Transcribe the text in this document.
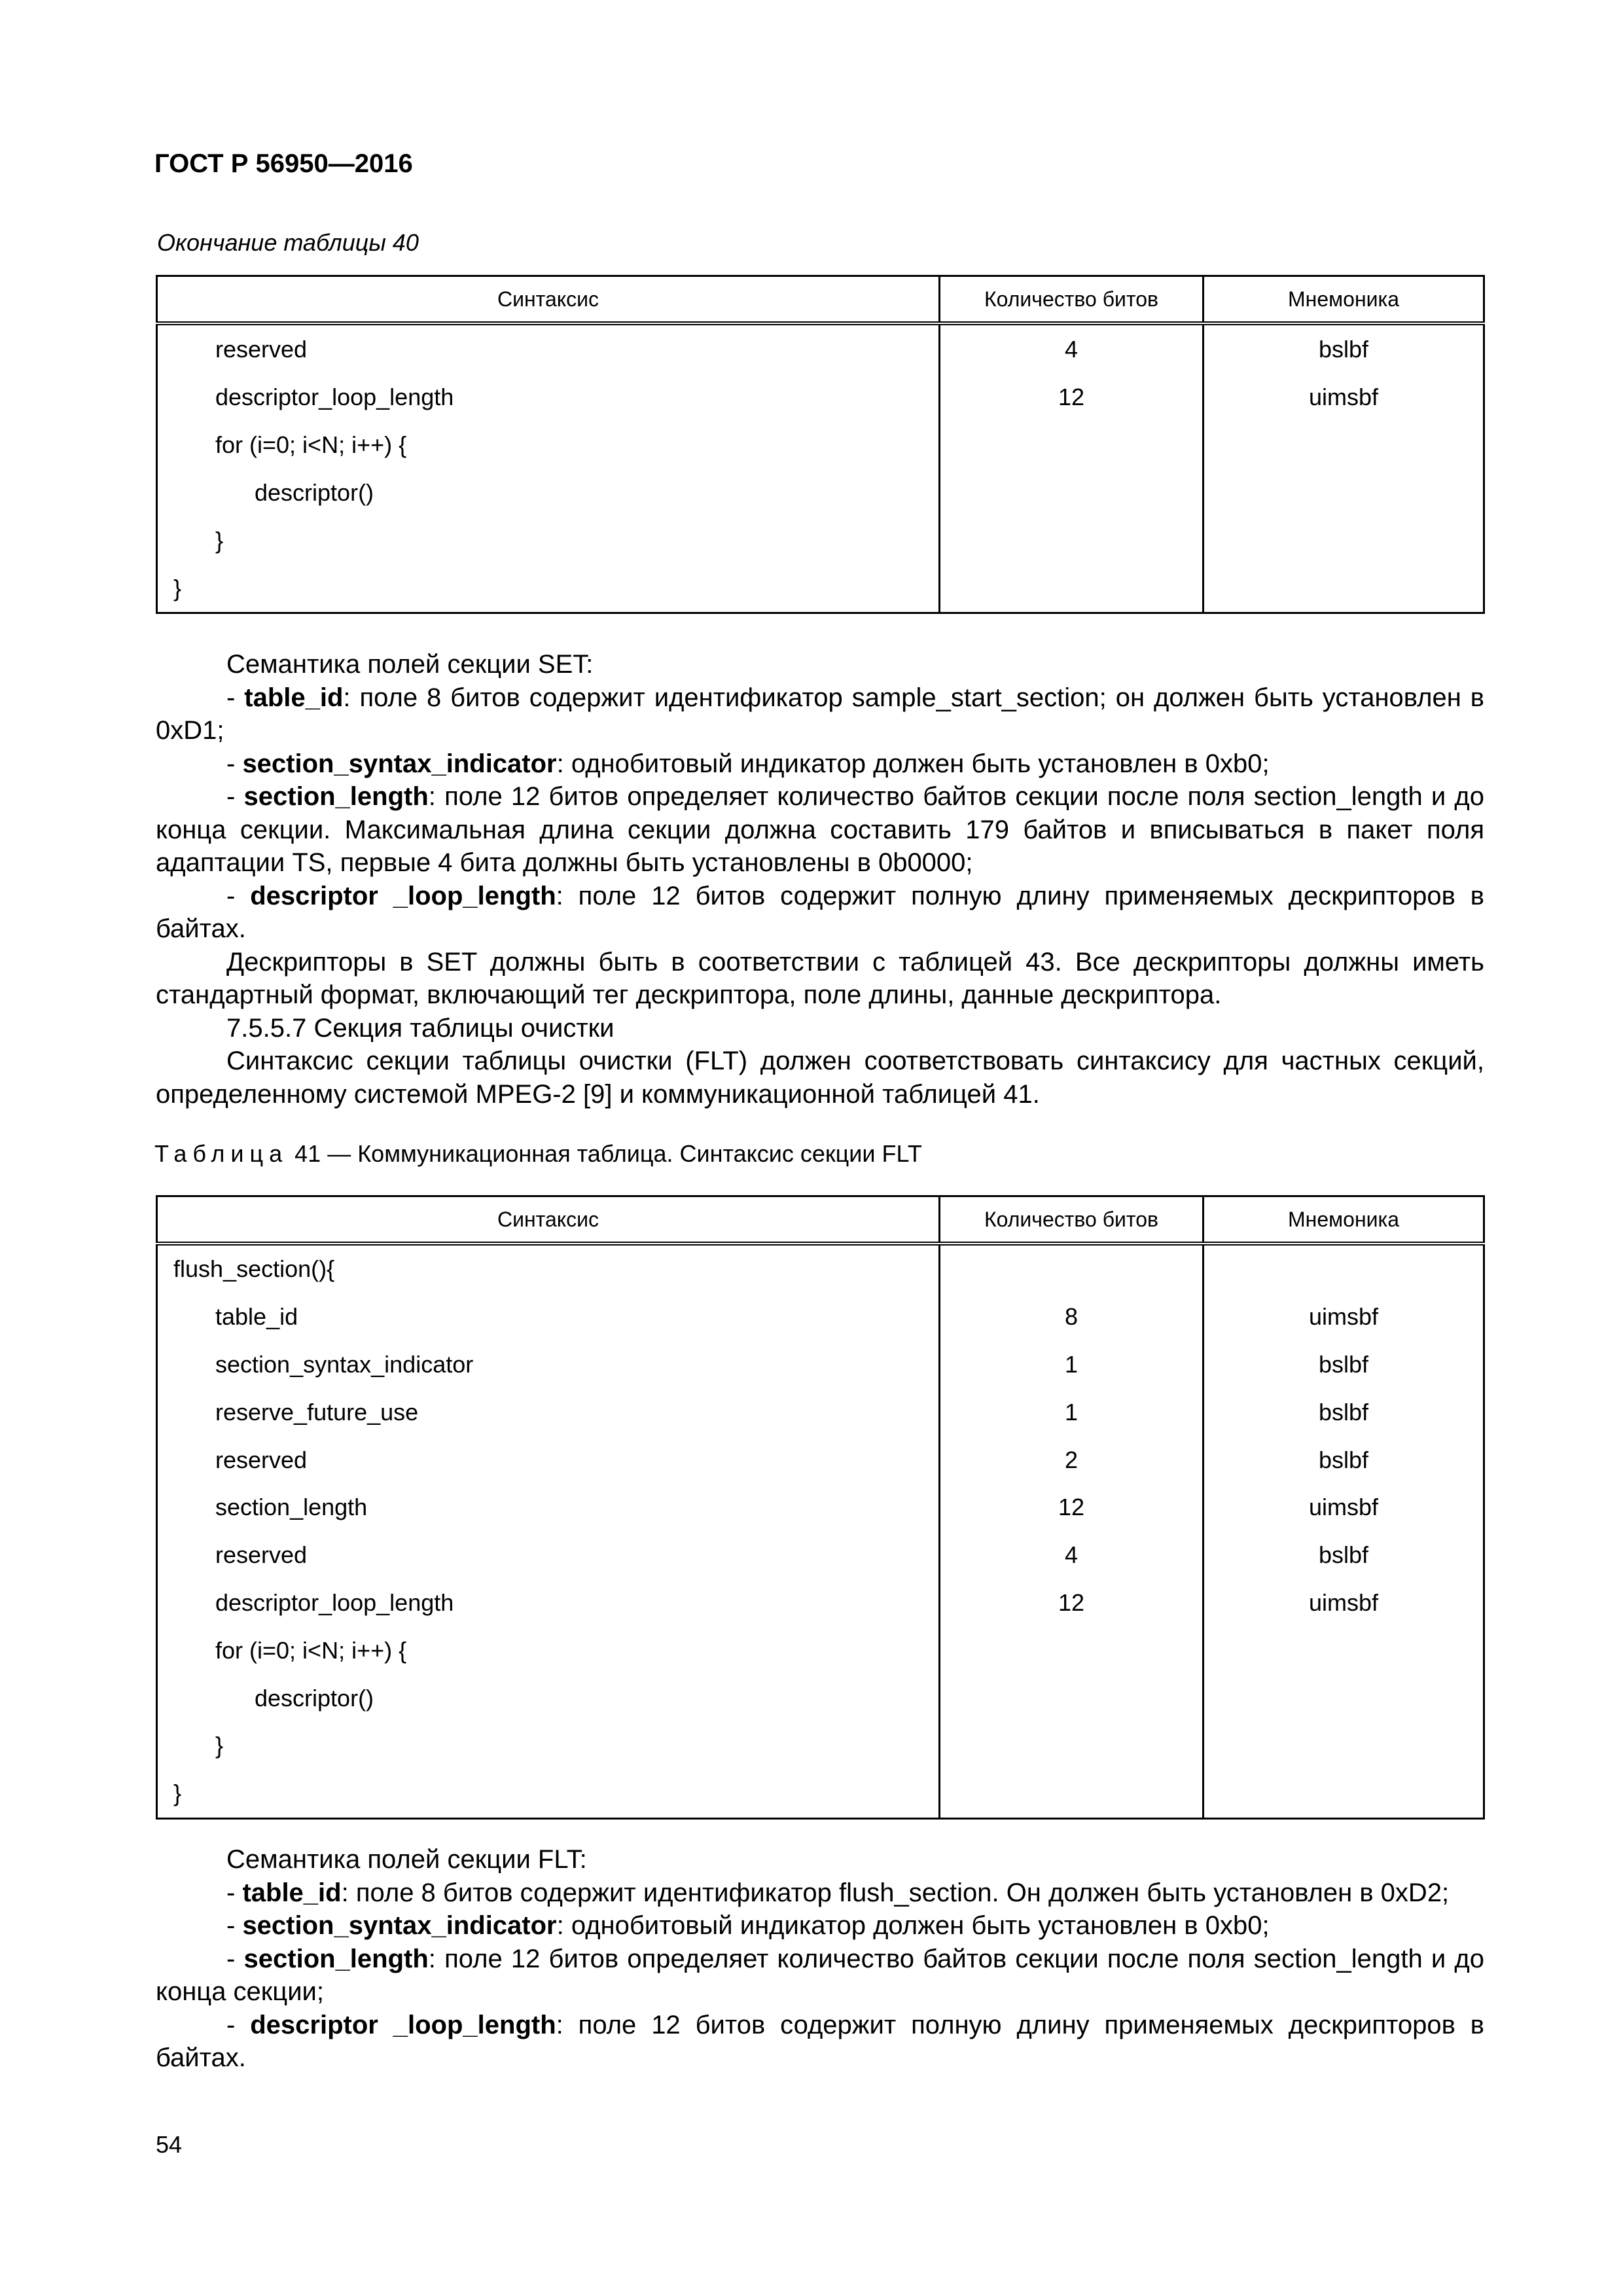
ГОСТ Р 56950—2016
Окончание таблицы 40
Синтаксис	Количество битов	Мнемоника
reserved	4	bslbf
descriptor_loop_length	12	uimsbf
for (i=0; i<N; i++) {		
descriptor()		
}		
}		

Семантика полей секции SET:

- table_id: поле 8 битов содержит идентификатор sample_start_section; он должен быть установлен в 0xD1;

- section_syntax_indicator: однобитовый индикатор должен быть установлен в 0xb0;

- section_length: поле 12 битов определяет количество байтов секции после поля section_length и до конца секции. Максимальная длина секции должна составить 179 байтов и вписываться в пакет поля адаптации TS, первые 4 бита должны быть установлены в 0b0000;

- descriptor _loop_length: поле 12 битов содержит полную длину применяемых дескрипторов в байтах.

Дескрипторы в SET должны быть в соответствии с таблицей 43. Все дескрипторы должны иметь стандартный формат, включающий тег дескриптора, поле длины, данные дескриптора.

7.5.5.7 Секция таблицы очистки

Синтаксис секции таблицы очистки (FLT) должен соответствовать синтаксису для частных секций, определенному системой MPEG-2 [9] и коммуникационной таблицей 41.

Таблица 41 — Коммуникационная таблица. Синтаксис секции FLT
Синтаксис	Количество битов	Мнемоника
flush_section(){		
table_id	8	uimsbf
section_syntax_indicator	1	bslbf
reserve_future_use	1	bslbf
reserved	2	bslbf
section_length	12	uimsbf
reserved	4	bslbf
descriptor_loop_length	12	uimsbf
for (i=0; i<N; i++) {		
descriptor()		
}		
}		

Семантика полей секции FLT:

- table_id: поле 8 битов содержит идентификатор flush_section. Он должен быть установлен в 0xD2;

- section_syntax_indicator: однобитовый индикатор должен быть установлен в 0xb0;

- section_length: поле 12 битов определяет количество байтов секции после поля section_length и до конца секции;

- descriptor _loop_length: поле 12 битов содержит полную длину применяемых дескрипторов в байтах.

54
